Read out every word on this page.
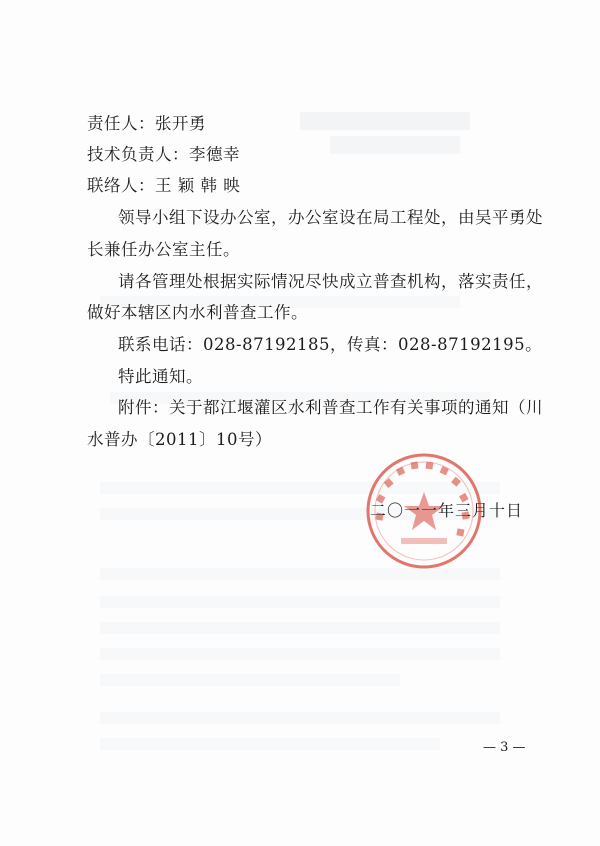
责任人：张开勇
技术负责人：李德幸
联络人：王 颖 韩 映
领导小组下设办公室，办公室设在局工程处，由吴平勇处
长兼任办公室主任。
请各管理处根据实际情况尽快成立普查机构，落实责任，
做好本辖区内水利普查工作。
联系电话：028-87192185，传真：028-87192195。
特此通知。
附件：关于都江堰灌区水利普查工作有关事项的通知（川
水普办〔2011〕10号）
二〇一一年三月十日
— 3 —
